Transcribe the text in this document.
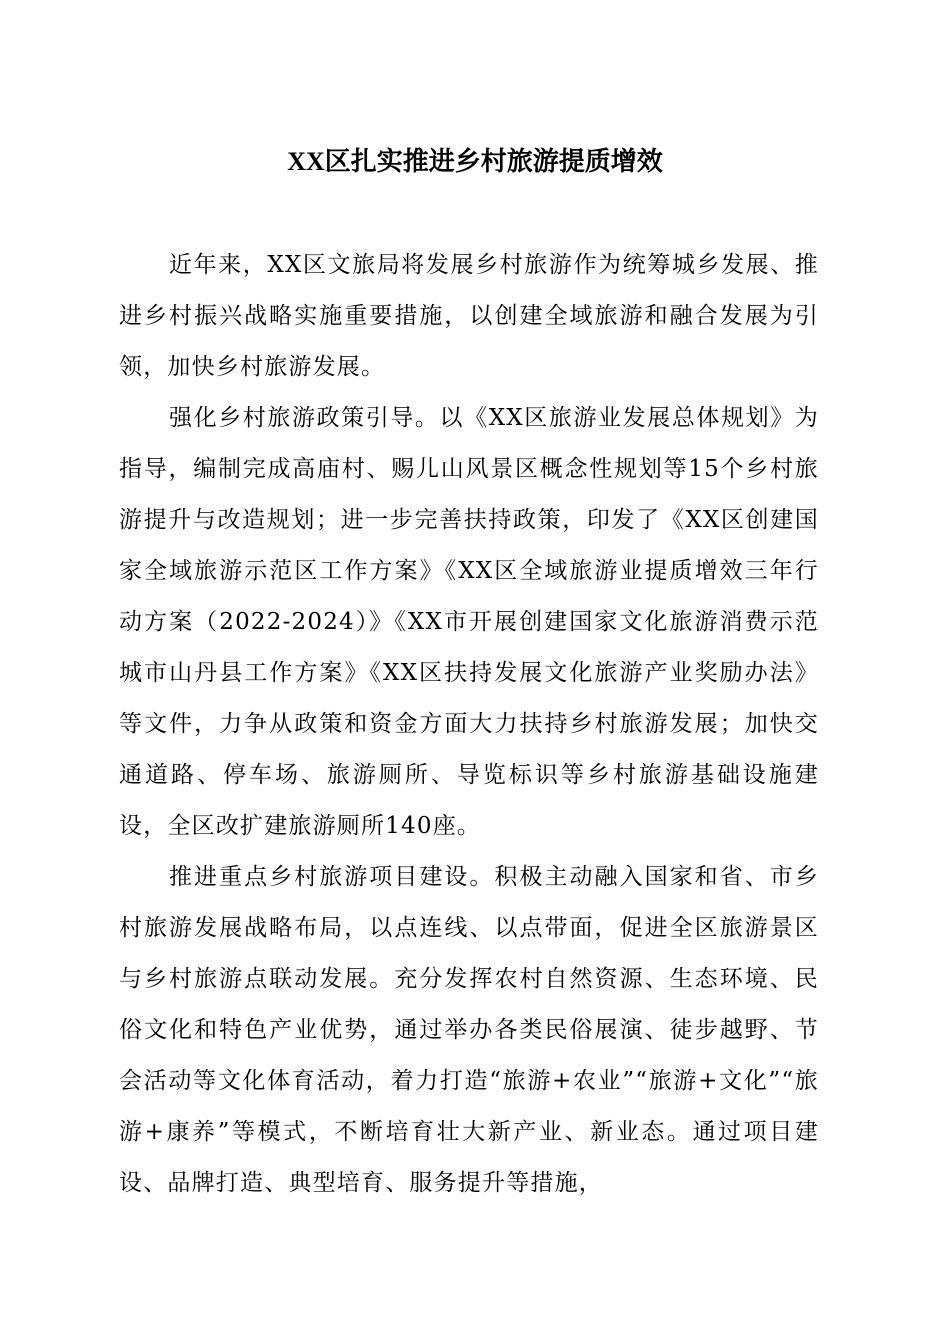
XX区扎实推进乡村旅游提质增效

近年来，XX区文旅局将发展乡村旅游作为统筹城乡发展、推进乡村振兴战略实施重要措施，以创建全域旅游和融合发展为引领，加快乡村旅游发展。

强化乡村旅游政策引导。以《XX区旅游业发展总体规划》为指导，编制完成高庙村、赐儿山风景区概念性规划等15个乡村旅游提升与改造规划；进一步完善扶持政策，印发了《XX区创建国家全域旅游示范区工作方案》《XX区全域旅游业提质增效三年行动方案（2022-2024）》《XX市开展创建国家文化旅游消费示范城市山丹县工作方案》《XX区扶持发展文化旅游产业奖励办法》等文件，力争从政策和资金方面大力扶持乡村旅游发展；加快交通道路、停车场、旅游厕所、导览标识等乡村旅游基础设施建设，全区改扩建旅游厕所140座。

推进重点乡村旅游项目建设。积极主动融入国家和省、市乡村旅游发展战略布局，以点连线、以点带面，促进全区旅游景区与乡村旅游点联动发展。充分发挥农村自然资源、生态环境、民俗文化和特色产业优势，通过举办各类民俗展演、徒步越野、节会活动等文化体育活动，着力打造“旅游+农业”“旅游+文化”“旅游+康养”等模式，不断培育壮大新产业、新业态。通过项目建设、品牌打造、典型培育、服务提升等措施，
